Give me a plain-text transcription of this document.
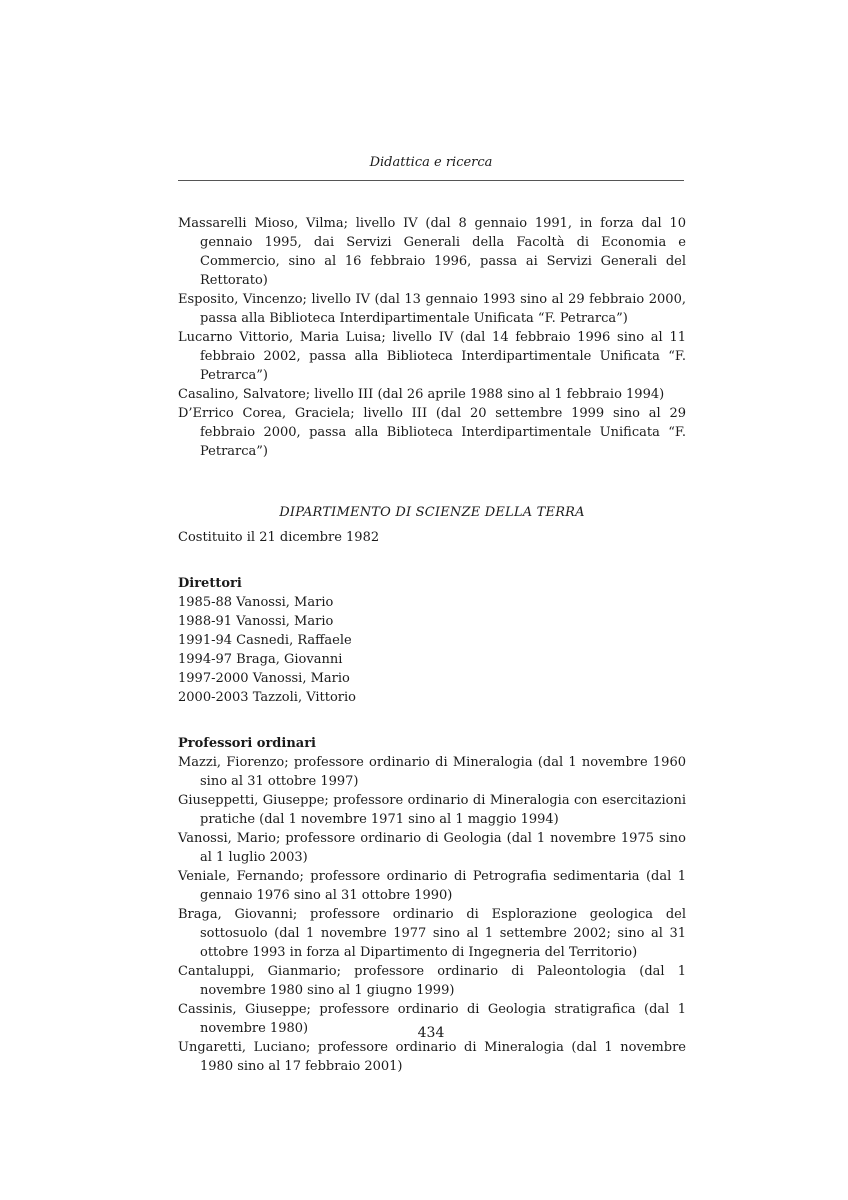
Didattica e ricerca
Massarelli Mioso, Vilma; livello IV (dal 8 gennaio 1991, in forza dal 10 gennaio 1995, dai Servizi Generali della Facoltà di Economia e Commercio, sino al 16 febbraio 1996, passa ai Servizi Generali del Rettorato)
Esposito, Vincenzo; livello IV (dal 13 gennaio 1993 sino al 29 febbraio 2000, passa alla Biblioteca Interdipartimentale Unificata “F. Petrarca”)
Lucarno Vittorio, Maria Luisa; livello IV (dal 14 febbraio 1996 sino al 11 febbraio 2002, passa alla Biblioteca Interdipartimentale Unificata “F. Petrarca”)
Casalino, Salvatore; livello III (dal 26 aprile 1988 sino al 1 febbraio 1994)
D’Errico Corea, Graciela; livello III (dal 20 settembre 1999 sino al 29 febbraio 2000, passa alla Biblioteca Interdipartimentale Unificata “F. Petrarca”)
DIPARTIMENTO DI SCIENZE DELLA TERRA
Costituito il 21 dicembre 1982
Direttori
1985-88 Vanossi, Mario
1988-91 Vanossi, Mario
1991-94 Casnedi, Raffaele
1994-97 Braga, Giovanni
1997-2000 Vanossi, Mario
2000-2003 Tazzoli, Vittorio
Professori ordinari
Mazzi, Fiorenzo; professore ordinario di Mineralogia (dal 1 novembre 1960 sino al 31 ottobre 1997)
Giuseppetti, Giuseppe; professore ordinario di Mineralogia con esercitazioni pratiche (dal 1 novembre 1971 sino al 1 maggio 1994)
Vanossi, Mario; professore ordinario di Geologia (dal 1 novembre 1975 sino al 1 luglio 2003)
Veniale, Fernando; professore ordinario di Petrografia sedimentaria (dal 1 gennaio 1976 sino al 31 ottobre 1990)
Braga, Giovanni; professore ordinario di Esplorazione geologica del sottosuolo (dal 1 novembre 1977 sino al 1 settembre 2002; sino al 31 ottobre 1993 in forza al Dipartimento di Ingegneria del Territorio)
Cantaluppi, Gianmario; professore ordinario di Paleontologia (dal 1 novembre 1980 sino al 1 giugno 1999)
Cassinis, Giuseppe; professore ordinario di Geologia stratigrafica (dal 1 novembre 1980)
Ungaretti, Luciano; professore ordinario di Mineralogia (dal 1 novembre 1980 sino al 17 febbraio 2001)
434
